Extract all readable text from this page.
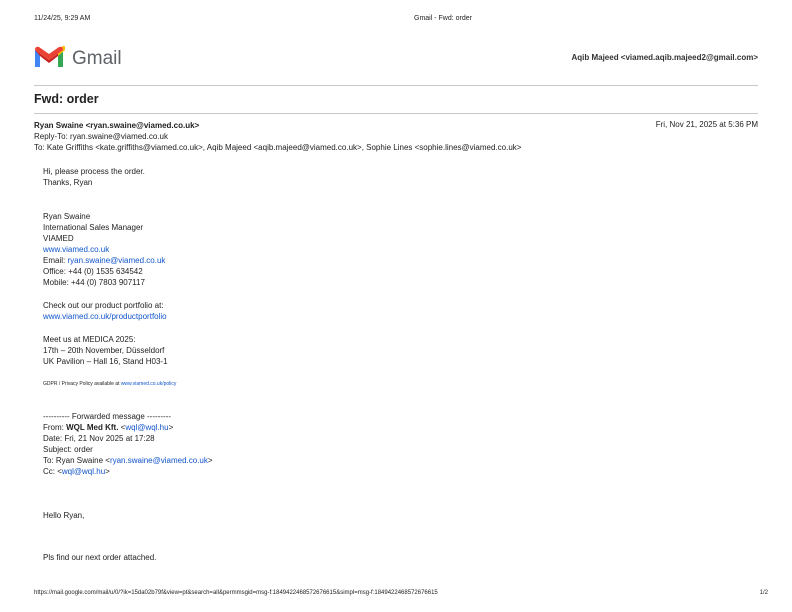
11/24/25, 9:29 AM	Gmail - Fwd: order
Gmail	Aqib Majeed <viamed.aqib.majeed2@gmail.com>
Fwd: order
Ryan Swaine <ryan.swaine@viamed.co.uk>	Fri, Nov 21, 2025 at 5:36 PM
Reply-To: ryan.swaine@viamed.co.uk
To: Kate Griffiths <kate.griffiths@viamed.co.uk>, Aqib Majeed <aqib.majeed@viamed.co.uk>, Sophie Lines <sophie.lines@viamed.co.uk>
Hi, please process the order.
Thanks, Ryan
Ryan Swaine
International Sales Manager
VIAMED
www.viamed.co.uk
Email: ryan.swaine@viamed.co.uk
Office: +44 (0) 1535 634542
Mobile: +44 (0) 7803 907117
Check out our product portfolio at:
www.viamed.co.uk/productportfolio
Meet us at MEDICA 2025:
17th – 20th November, Düsseldorf
UK Pavilion – Hall 16, Stand H03-1
GDPR / Privacy Policy available at www.viamed.co.uk/policy
---------- Forwarded message ---------
From: WQL Med Kft. <wql@wql.hu>
Date: Fri, 21 Nov 2025 at 17:28
Subject: order
To: Ryan Swaine <ryan.swaine@viamed.co.uk>
Cc: <wql@wql.hu>
Hello Ryan,
Pls find our next order attached.
https://mail.google.com/mail/u/0/?ik=15da02b79f&view=pt&search=all&permmsgid=msg-f:1849422468572676615&simpl=msg-f:1849422468572676615	1/2
